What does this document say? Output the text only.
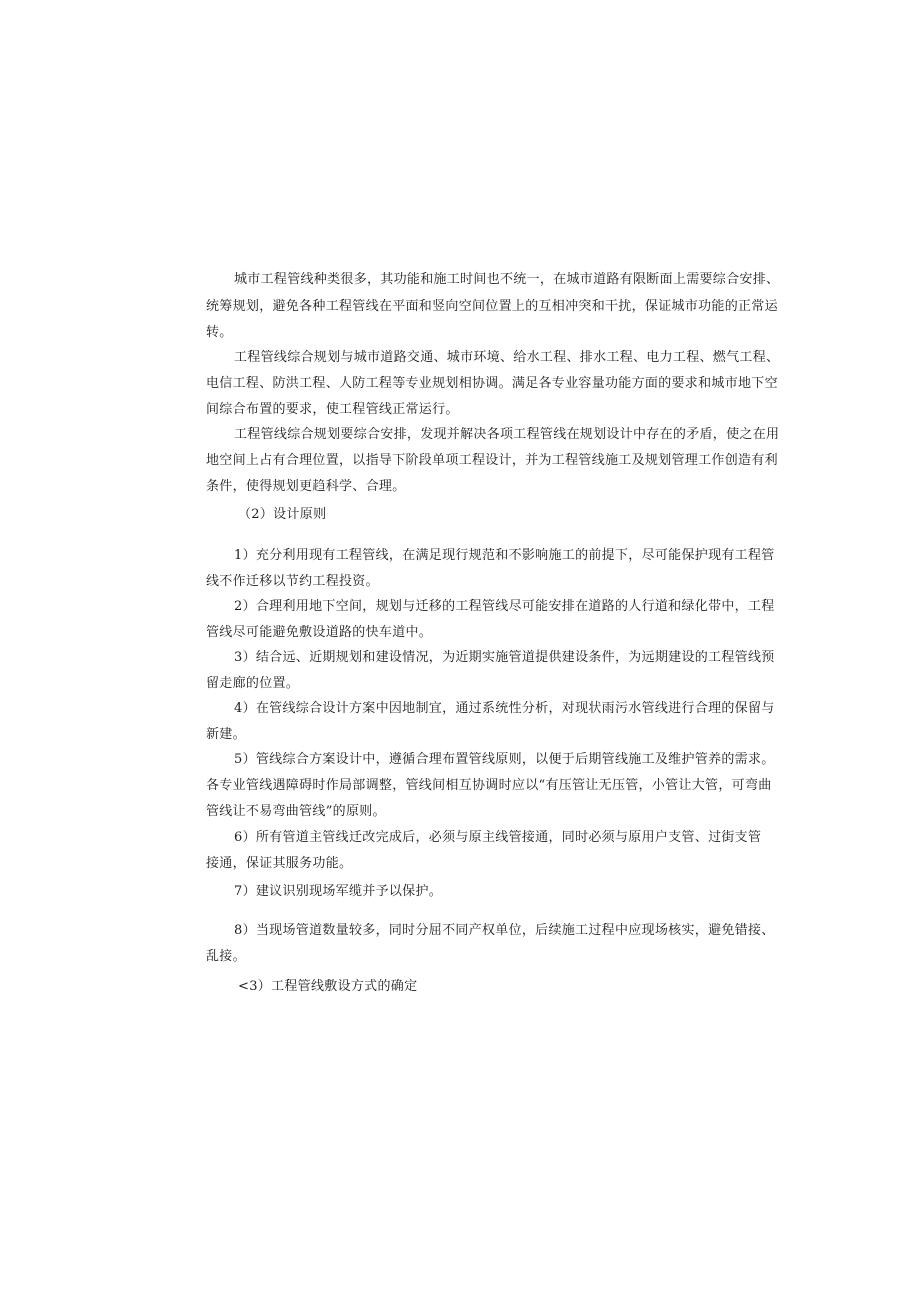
城市工程管线种类很多，其功能和施工时间也不统一，在城市道路有限断面上需要综合安排、
统筹规划，避免各种工程管线在平面和竖向空间位置上的互相冲突和干扰，保证城市功能的正常运
转。
工程管线综合规划与城市道路交通、城市环境、给水工程、排水工程、电力工程、燃气工程、
电信工程、防洪工程、人防工程等专业规划相协调。满足各专业容量功能方面的要求和城市地下空
间综合布置的要求，使工程管线正常运行。
工程管线综合规划要综合安排，发现并解决各项工程管线在规划设计中存在的矛盾，使之在用
地空间上占有合理位置，以指导下阶段单项工程设计，并为工程管线施工及规划管理工作创造有利
条件，使得规划更趋科学、合理。
（2）设计原则
1）充分利用现有工程管线，在满足现行规范和不影响施工的前提下，尽可能保护现有工程管
线不作迁移以节约工程投资。
2）合理利用地下空间，规划与迁移的工程管线尽可能安排在道路的人行道和绿化带中，工程
管线尽可能避免敷设道路的快车道中。
3）结合远、近期规划和建设情况，为近期实施管道提供建设条件，为远期建设的工程管线预
留走廊的位置。
4）在管线综合设计方案中因地制宜，通过系统性分析，对现状雨污水管线进行合理的保留与
新建。
5）管线综合方案设计中，遵循合理布置管线原则，以便于后期管线施工及维护管养的需求。
各专业管线遇障碍时作局部调整，管线间相互协调时应以“有压管让无压管，小管让大管，可弯曲
管线让不易弯曲管线”的原则。
6）所有管道主管线迁改完成后，必须与原主线管接通，同时必须与原用户支管、过街支管
接通，保证其服务功能。
7）建议识别现场军缆并予以保护。
8）当现场管道数量较多，同时分屈不同产权单位，后续施工过程中应现场核实，避免错接、
乱接。
<3）工程管线敷设方式的确定
